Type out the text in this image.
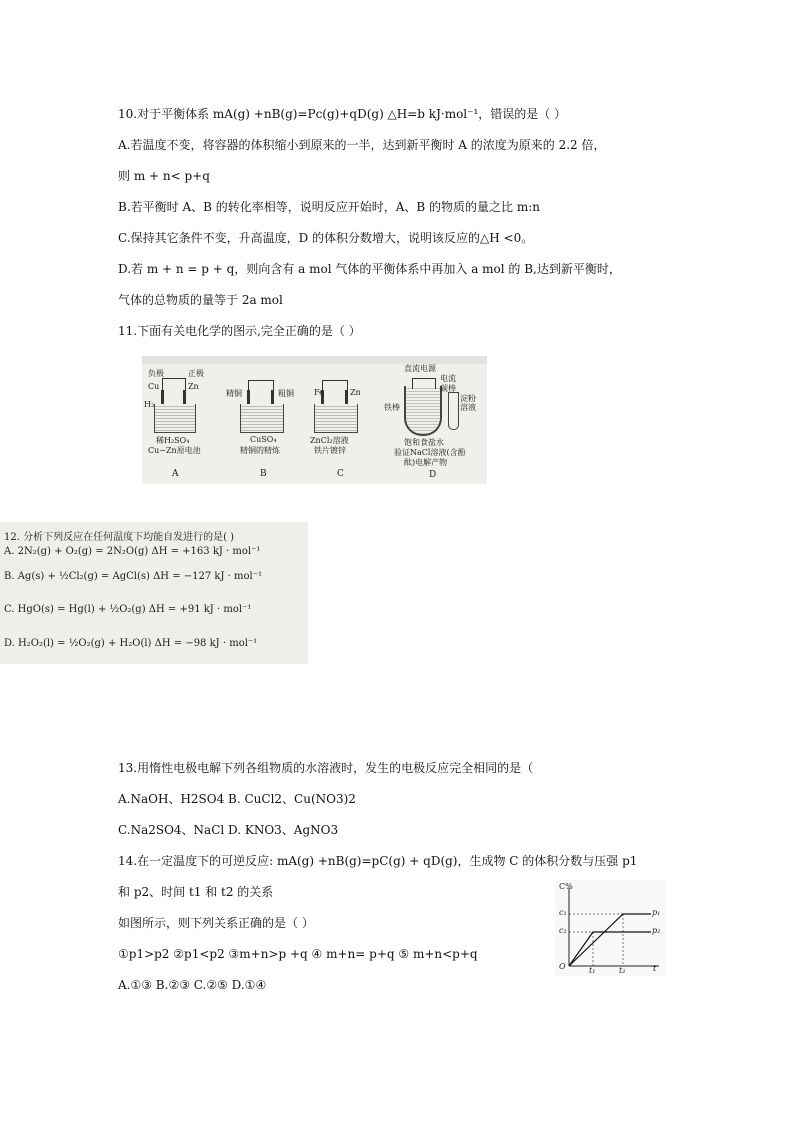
10.对于平衡体系 mA(g) +nB(g)=Pc(g)+qD(g) △H=b kJ·mol⁻¹，错误的是（ ）
A.若温度不变，将容器的体积缩小到原来的一半，达到新平衡时 A 的浓度为原来的 2.2 倍，
则 m + n< p+q
B.若平衡时 A、B 的转化率相等，说明反应开始时，A、B 的物质的量之比 m:n
C.保持其它条件不变，升高温度，D 的体积分数增大，说明该反应的△H <0。
D.若 m + n = p + q，则向含有 a mol 气体的平衡体系中再加入 a mol 的 B,达到新平衡时，
气体的总物质的量等于 2a mol
11.下面有关电化学的图示,完全正确的是（ ）
负极	正极
Cu	Zn
H₂
稀H₂SO₄
Cu−Zn原电池
A
精铜	粗铜
CuSO₄
精铜的精炼
B
Fe	Zn
ZnCl₂溶液
铁片镀锌
C
直流电源
电流
碳棒
铁棒
淀粉溶液
饱和食盐水
验证NaCl溶液(含酚
酞)电解产物
D
12. 分析下列反应在任何温度下均能自发进行的是( )
A. 2N₂(g) + O₂(g) = 2N₂O(g) ΔH = +163 kJ · mol⁻¹
B. Ag(s) + ½Cl₂(g) = AgCl(s) ΔH = −127 kJ · mol⁻¹
C. HgO(s) = Hg(l) + ½O₂(g) ΔH = +91 kJ · mol⁻¹
D. H₂O₂(l) = ½O₂(g) + H₂O(l) ΔH = −98 kJ · mol⁻¹
13.用惰性电极电解下列各组物质的水溶液时，发生的电极反应完全相同的是（
A.NaOH、H2SO4 B. CuCl2、Cu(NO3)2
C.Na2SO4、NaCl D. KNO3、AgNO3
14.在一定温度下的可逆反应: mA(g) +nB(g)=pC(g) + qD(g)，生成物 C 的体积分数与压强 p1
和 p2、时间 t1 和 t2 的关系
如图所示，则下列关系正确的是（ ）
①p1>p2 ②p1<p2 ③m+n>p +q ④ m+n= p+q ⑤ m+n<p+q
A.①③ B.②③ C.②⑤ D.①④
C%
O
c₁
c₂
p₁
p₂
t₁	t₂	t
